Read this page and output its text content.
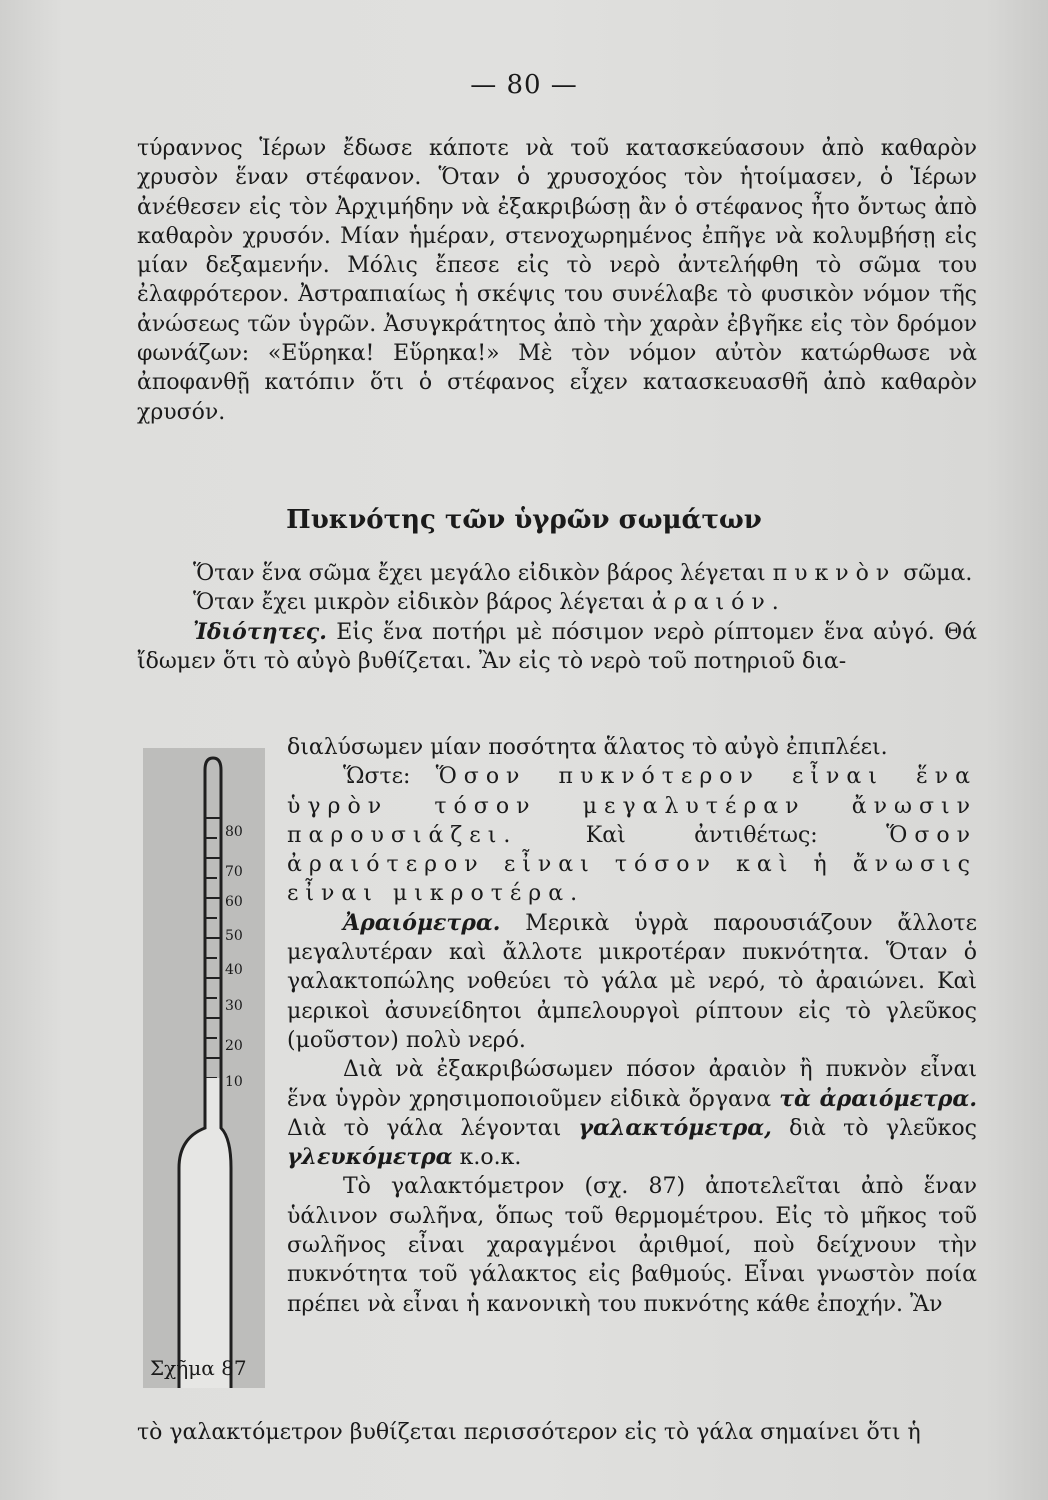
— 80 —

τύραννος Ἱέρων ἔδωσε κάποτε νὰ τοῦ κατασκεύασουν ἀπὸ καθαρὸν χρυσὸν ἕναν στέφανον. Ὅταν ὁ χρυσοχόος τὸν ἡτοίμασεν, ὁ Ἱέρων ἀνέθεσεν εἰς τὸν Ἀρχιμήδην νὰ ἐξακριβώσῃ ἂν ὁ στέφανος ἦτο ὄντως ἀπὸ καθαρὸν χρυσόν. Μίαν ἡμέραν, στενοχωρημένος ἐπῆγε νὰ κολυμβήσῃ εἰς μίαν δεξαμενήν. Μόλις ἔπεσε εἰς τὸ νερὸ ἀντελήφθη τὸ σῶμα του ἐλαφρότερον. Ἀστραπιαίως ἡ σκέψις του συνέλαβε τὸ φυσικὸν νόμον τῆς ἀνώσεως τῶν ὑγρῶν. Ἀσυγκράτητος ἀπὸ τὴν χαρὰν ἐβγῆκε εἰς τὸν δρόμον φωνάζων: «Εὕρηκα! Εὕρηκα!» Μὲ τὸν νόμον αὐτὸν κατώρθωσε νὰ ἀποφανθῇ κατόπιν ὅτι ὁ στέφανος εἶχεν κατασκευασθῆ ἀπὸ καθαρὸν χρυσόν.

Πυκνότης τῶν ὑγρῶν σωμάτων

Ὅταν ἕνα σῶμα ἔχει μεγάλο εἰδικὸν βάρος λέγεται πυκνὸν σῶμα.

Ὅταν ἔχει μικρὸν εἰδικὸν βάρος λέγεται ἀραιόν.

Ἰδιότητες. Εἰς ἕνα ποτήρι μὲ πόσιμον νερὸ ρίπτομεν ἕνα αὐγό. Θά ἴδωμεν ὅτι τὸ αὐγὸ βυθίζεται. Ἂν εἰς τὸ νερὸ τοῦ ποτηριοῦ δια-

80
70
60
50
40
30
20
10
Σχῆμα 87

διαλύσωμεν μίαν ποσότητα ἅλατος τὸ αὐγὸ ἐπιπλέει.

Ὥστε: Ὅσον πυκνότερον εἶναι ἕνα ὑγρὸν τόσον μεγαλυτέραν ἄνωσιν παρουσιάζει.	Καὶ ἀντιθέτως:	Ὅσον ἀραιότερον εἶναι τόσον καὶ ἡ ἄνωσις εἶναι μικροτέρα.

Ἀραιόμετρα. Μερικὰ ὑγρὰ παρουσιάζουν ἄλλοτε μεγαλυτέραν καὶ ἄλλοτε μικροτέραν πυκνότητα. Ὅταν ὁ γαλακτοπώλης νοθεύει τὸ γάλα μὲ νερό, τὸ ἀραιώνει. Καὶ μερικοὶ ἀσυνείδητοι ἀμπελουργοὶ ρίπτουν εἰς τὸ γλεῦκος (μοῦστον) πολὺ νερό.

Διὰ νὰ ἐξακριβώσωμεν πόσον ἀραιὸν ἢ πυκνὸν εἶναι ἕνα ὑγρὸν χρησιμοποιοῦμεν εἰδικὰ ὄργανα τὰ ἀραιόμετρα. Διὰ τὸ γάλα λέγονται γαλακτόμετρα, διὰ τὸ γλεῦκος γλευκόμετρα κ.ο.κ.

Τὸ γαλακτόμετρον (σχ. 87) ἀποτελεῖται ἀπὸ ἕναν ὑάλινον σωλῆνα, ὅπως τοῦ θερμομέτρου. Εἰς τὸ μῆκος τοῦ σωλῆνος εἶναι χαραγμένοι ἀριθμοί, ποὺ δείχνουν τὴν πυκνότητα τοῦ γάλακτος εἰς βαθμούς. Εἶναι γνωστὸν ποία πρέπει νὰ εἶναι ἡ κανονικὴ του πυκνότης κάθε ἐποχήν. Ἂν

τὸ γαλακτόμετρον βυθίζεται περισσότερον εἰς τὸ γάλα σημαίνει ὅτι ἡ
